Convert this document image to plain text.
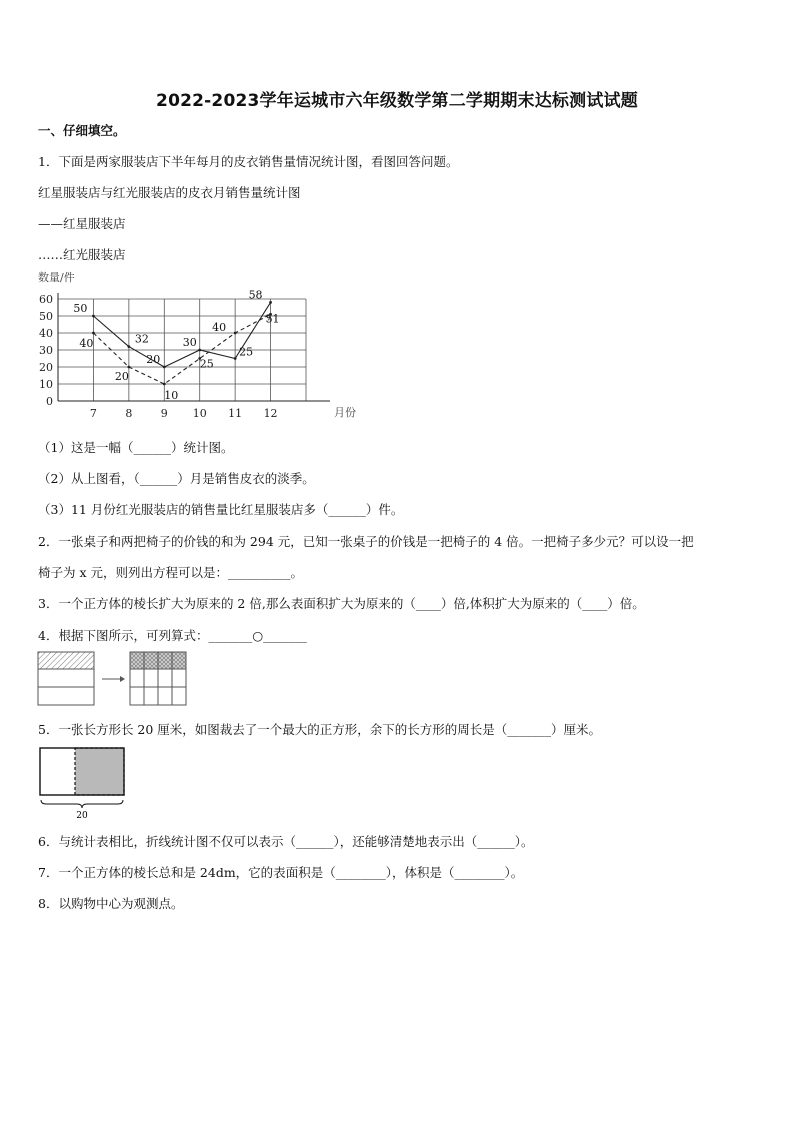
2022-2023学年运城市六年级数学第二学期期末达标测试试题
一、仔细填空。
1．下面是两家服装店下半年每月的皮衣销售量情况统计图，看图回答问题。
红星服装店与红光服装店的皮衣月销售量统计图
——红星服装店
……红光服装店
0
10
20
30
40
50
60
数量/件
月份
7	8	9 10 11 12
50
32
20
30
25
58
40
20
10
25
40
51
（1）这是一幅（______）统计图。
（2）从上图看，（______）月是销售皮衣的淡季。
（3）11 月份红光服装店的销售量比红星服装店多（______）件。
2．一张桌子和两把椅子的价钱的和为 294 元，已知一张桌子的价钱是一把椅子的 4 倍。一把椅子多少元？可以设一把
椅子为 x 元，则列出方程可以是：__________。
3．一个正方体的棱长扩大为原来的 2 倍,那么表面积扩大为原来的（____）倍,体积扩大为原来的（____）倍。
4．根据下图所示，可列算式：_______○_______
5．一张长方形长 20 厘米，如图裁去了一个最大的正方形，余下的长方形的周长是（_______）厘米。
20
6．与统计表相比，折线统计图不仅可以表示（______），还能够清楚地表示出（______）。
7．一个正方体的棱长总和是 24dm，它的表面积是（________），体积是（________）。
8．以购物中心为观测点。
